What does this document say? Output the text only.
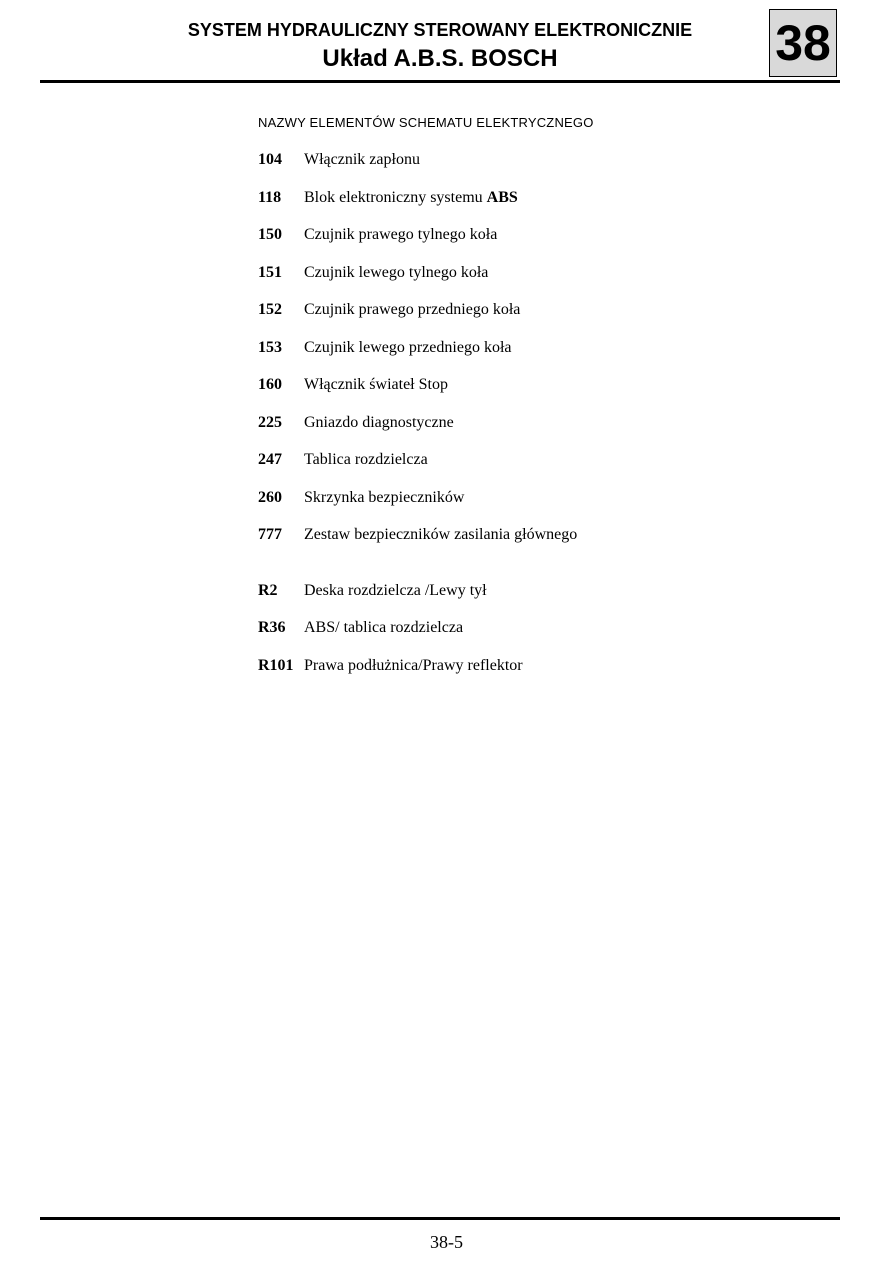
SYSTEM HYDRAULICZNY STEROWANY ELEKTRONICZNIE
Układ A.B.S. BOSCH	38
NAZWY ELEMENTÓW SCHEMATU ELEKTRYCZNEGO
104	Włącznik zapłonu
118	Blok elektroniczny systemu ABS
150	Czujnik prawego tylnego koła
151	Czujnik lewego tylnego koła
152	Czujnik prawego przedniego koła
153	Czujnik lewego przedniego koła
160	Włącznik świateł Stop
225	Gniazdo diagnostyczne
247	Tablica rozdzielcza
260	Skrzynka bezpieczników
777	Zestaw bezpieczników zasilania głównego
R2	Deska rozdzielcza /Lewy tył
R36	ABS/ tablica rozdzielcza
R101 Prawa podłużnica/Prawy reflektor
38-5
